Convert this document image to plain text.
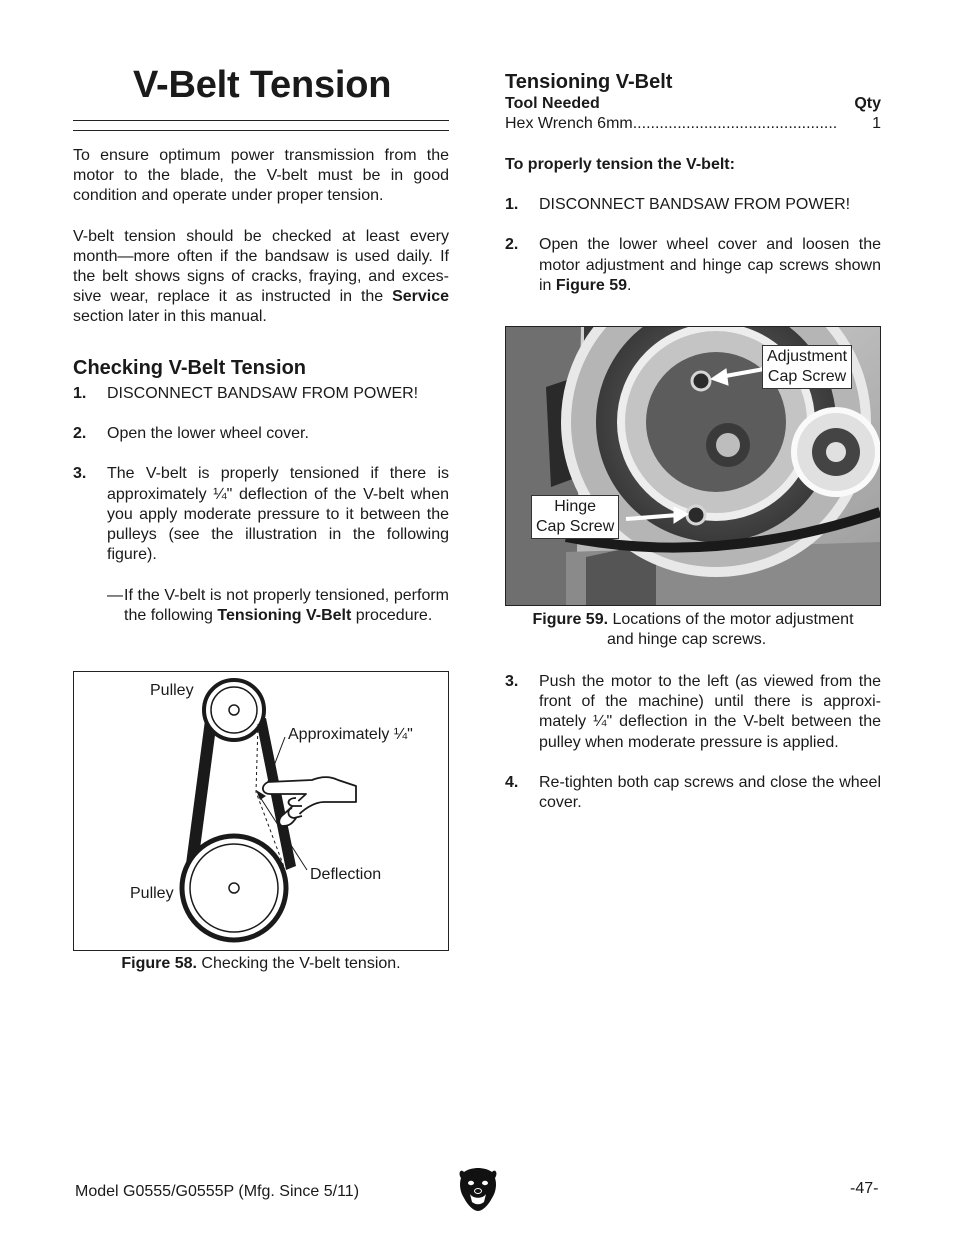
V-Belt Tension

To ensure optimum power transmission from the motor to the blade, the V-belt must be in good condition and operate under proper tension.

V-belt tension should be checked at least every month—more often if the bandsaw is used daily. If the belt shows signs of cracks, fraying, and exces-sive wear, replace it as instructed in the Service section later in this manual.

Checking V-Belt Tension
1.	DISCONNECT BANDSAW FROM POWER!
2.	Open the lower wheel cover.
3.	The V-belt is properly tensioned if there is approximately ¼" deflection of the V-belt when you apply moderate pressure to it between the pulleys (see the illustration in the following figure).
— If the V-belt is not properly tensioned, perform the following Tensioning V-Belt procedure.
Pulley
Approximately ¼"
Deflection
Pulley
Figure 58. Checking the V-belt tension.
Tensioning V-Belt
Tool Needed	Qty
Hex Wrench 6mm ..............................................	1

To properly tension the V-belt:

1.	DISCONNECT BANDSAW FROM POWER!
2.	Open the lower wheel cover and loosen the motor adjustment and hinge cap screws shown in Figure 59.
Adjustment
Cap Screw
Hinge
Cap Screw
Figure 59. Locations of the motor adjustment
and hinge cap screws.
3.	Push the motor to the left (as viewed from the front of the machine) until there is approxi-mately ¼" deflection in the V-belt between the pulley when moderate pressure is applied.
4.	Re-tighten both cap screws and close the wheel cover.
Model G0555/G0555P (Mfg. Since 5/11)	-47-
